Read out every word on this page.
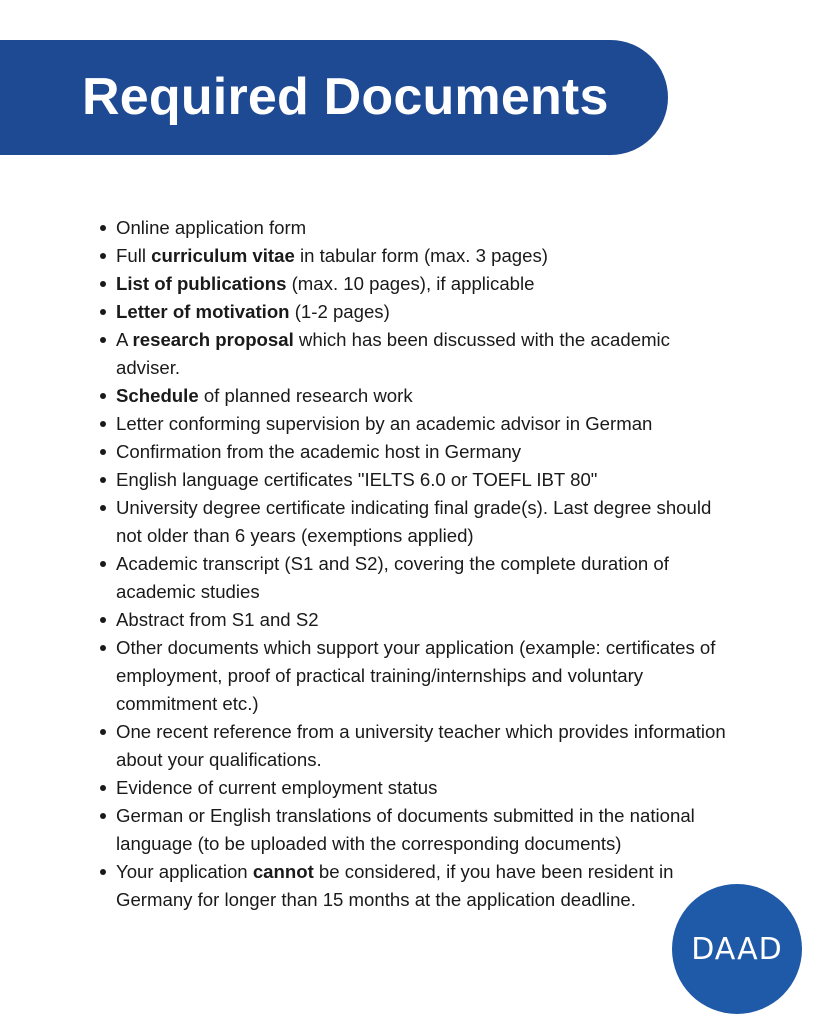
Required Documents
Online application form
Full curriculum vitae in tabular form (max. 3 pages)
List of publications (max. 10 pages), if applicable
Letter of motivation (1-2 pages)
A research proposal which has been discussed with the academic adviser.
Schedule of planned research work
Letter conforming supervision by an academic advisor in German
Confirmation from the academic host in Germany
English language certificates "IELTS 6.0 or TOEFL IBT 80"
University degree certificate indicating final grade(s). Last degree should not older than 6 years (exemptions applied)
Academic transcript (S1 and S2), covering the complete duration of academic studies
Abstract from S1 and S2
Other documents which support your application (example: certificates of employment, proof of practical training/internships and voluntary commitment etc.)
One recent reference from a university teacher which provides information about your qualifications.
Evidence of current employment status
German or English translations of documents submitted in the national language (to be uploaded with the corresponding documents)
Your application cannot be considered, if you have been resident in Germany for longer than 15 months at the application deadline.
DAAD
